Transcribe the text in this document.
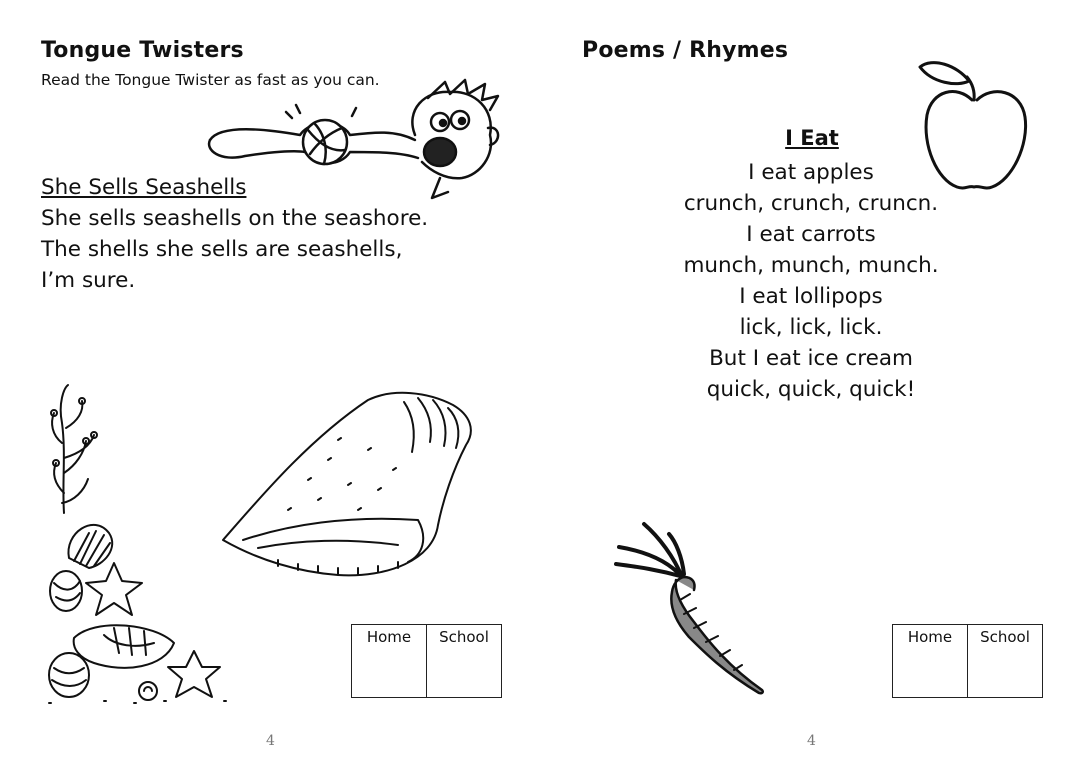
Tongue Twisters
Read the Tongue Twister as fast as you can.
She Sells Seashells
She sells seashells on the seashore.
The shells she sells are seashells,
I’m sure.
Home	School
4
Poems / Rhymes
I Eat
I eat apples
crunch, crunch, cruncn.
I eat carrots
munch, munch, munch.
I eat lollipops
lick, lick, lick.
But I eat ice cream
quick, quick, quick!
Home	School
4
